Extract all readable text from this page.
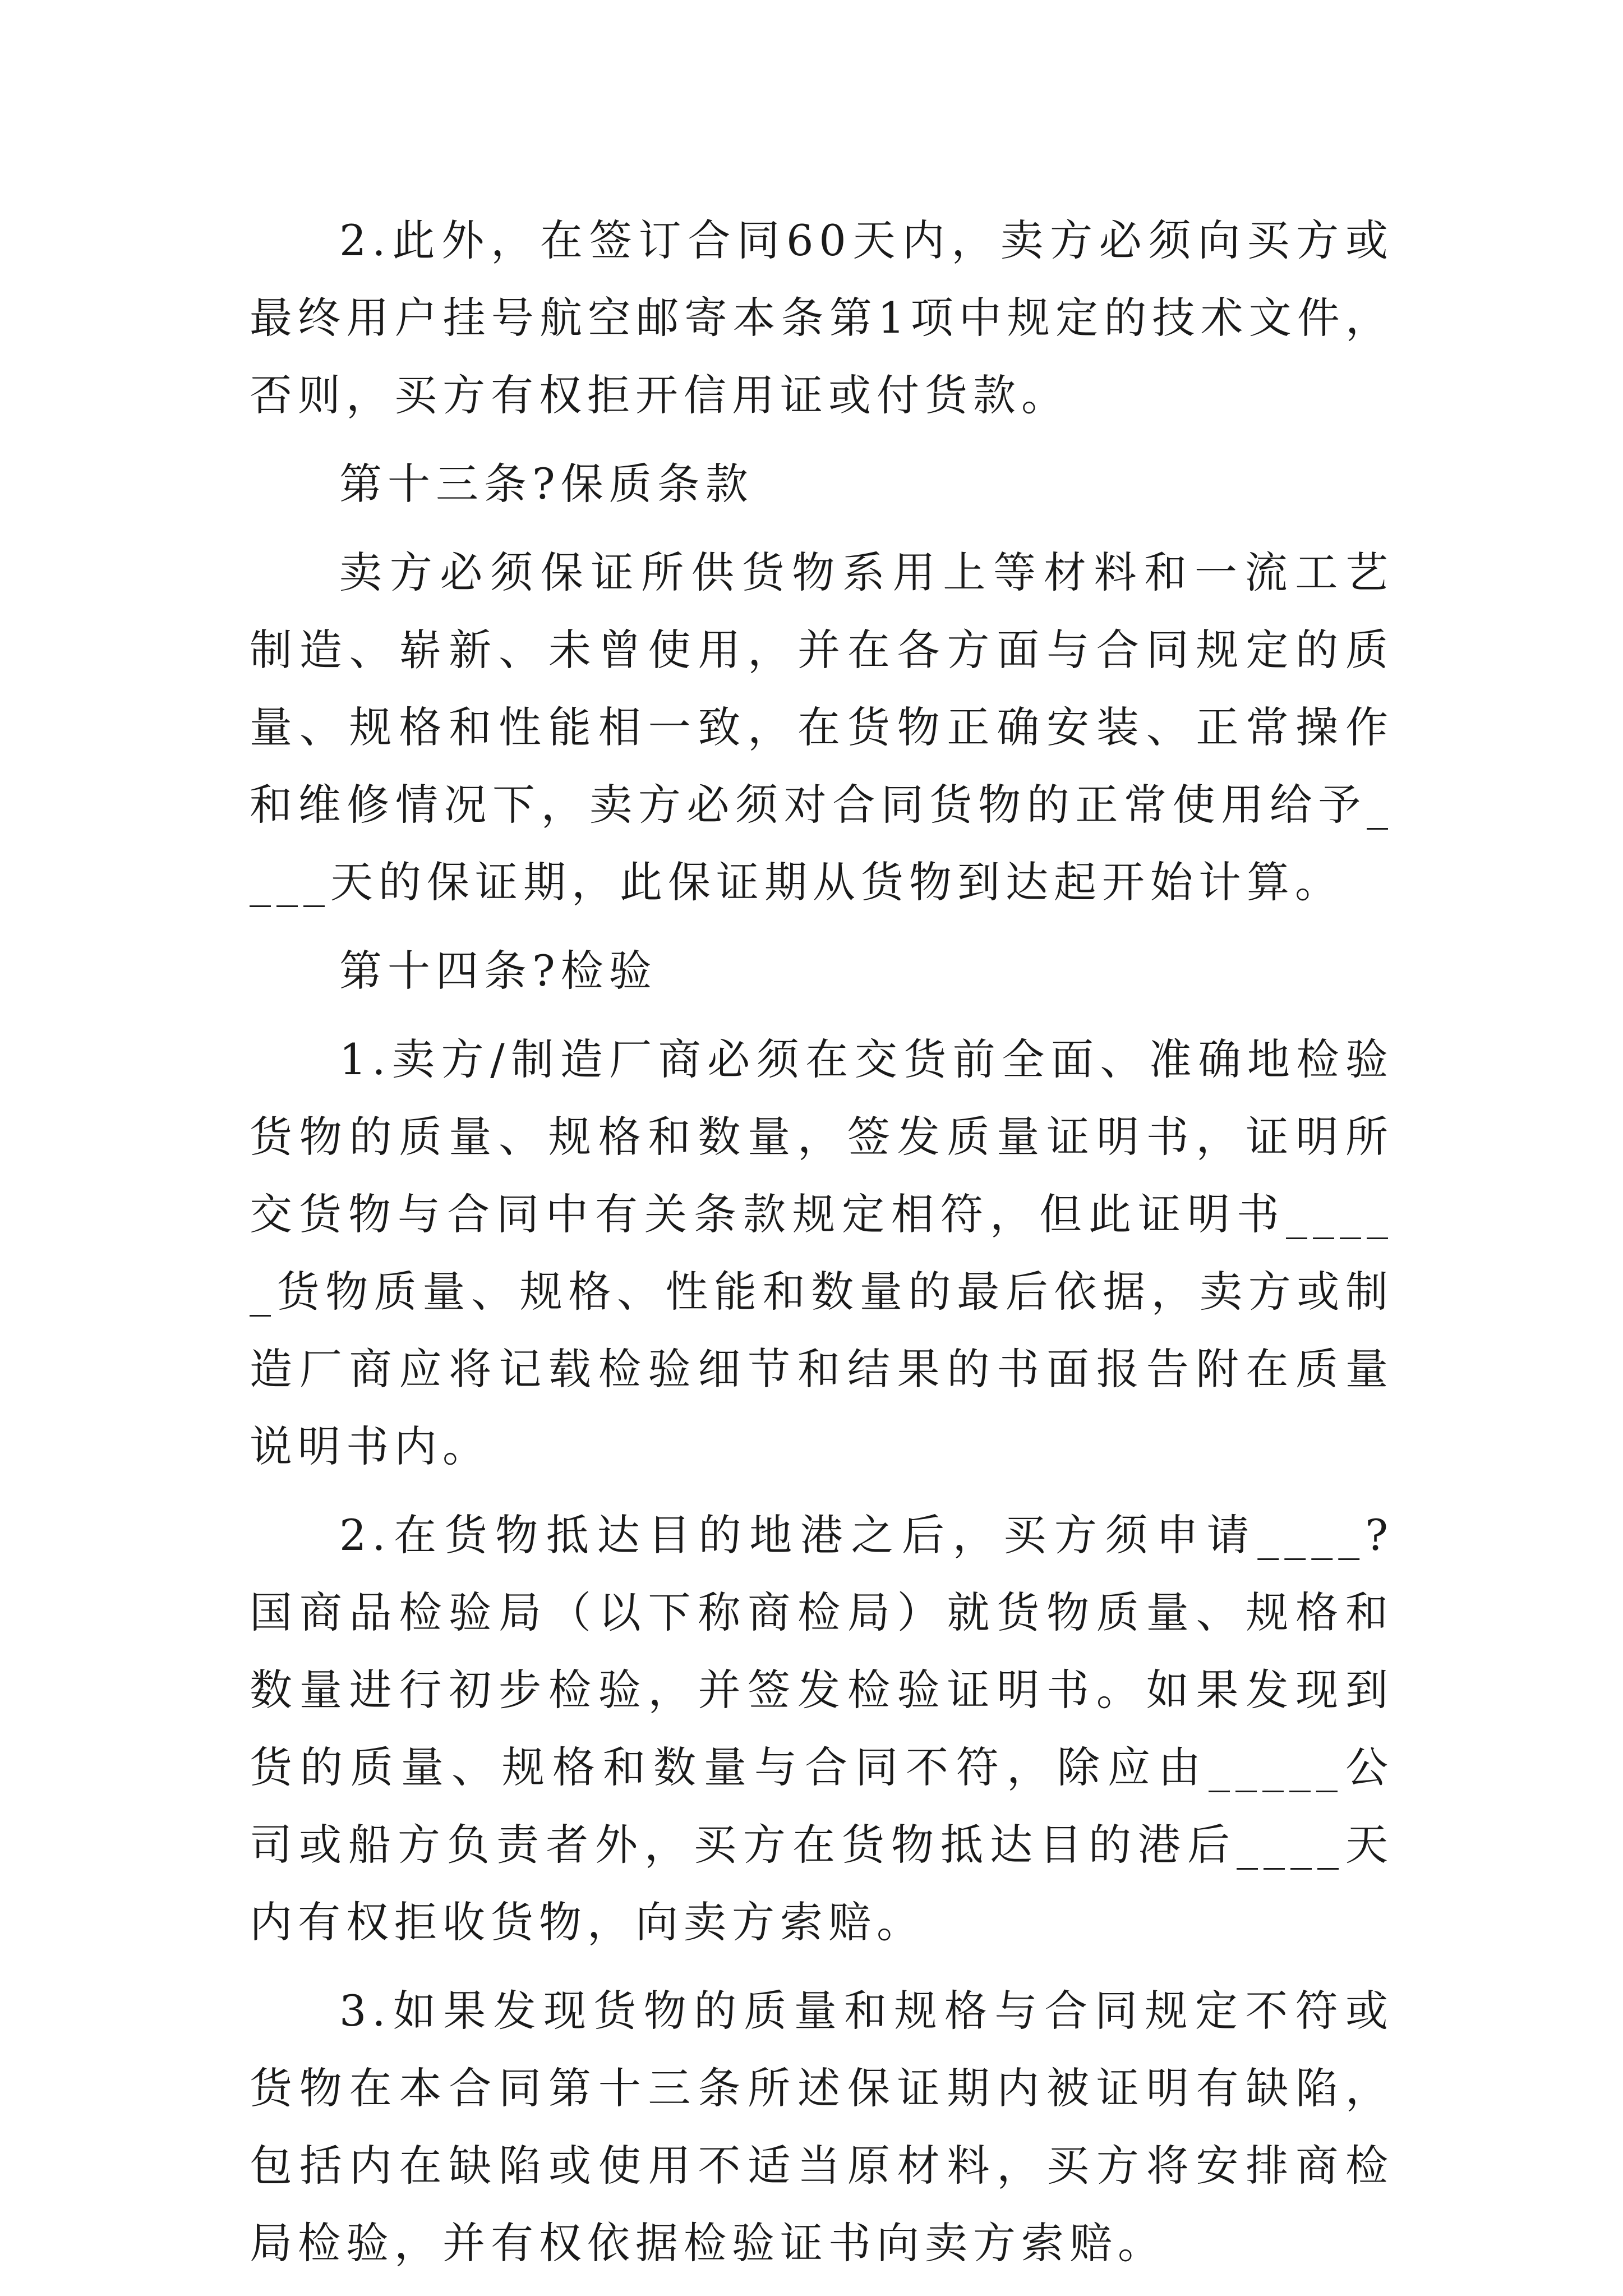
2.此外，在签订合同60天内，卖方必须向买方或最终用户挂号航空邮寄本条第1项中规定的技术文件，否则，买方有权拒开信用证或付货款。

第十三条?保质条款

卖方必须保证所供货物系用上等材料和一流工艺制造、崭新、未曾使用，并在各方面与合同规定的质量、规格和性能相一致，在货物正确安装、正常操作和维修情况下，卖方必须对合同货物的正常使用给予____天的保证期，此保证期从货物到达起开始计算。

第十四条?检验

1.卖方/制造厂商必须在交货前全面、准确地检验货物的质量、规格和数量，签发质量证明书，证明所交货物与合同中有关条款规定相符，但此证明书_____货物质量、规格、性能和数量的最后依据，卖方或制造厂商应将记载检验细节和结果的书面报告附在质量说明书内。

2.在货物抵达目的地港之后，买方须申请____?国商品检验局（以下称商检局）就货物质量、规格和数量进行初步检验，并签发检验证明书。如果发现到货的质量、规格和数量与合同不符，除应由_____公司或船方负责者外，买方在货物抵达目的港后____天内有权拒收货物，向卖方索赔。

3.如果发现货物的质量和规格与合同规定不符或货物在本合同第十三条所述保证期内被证明有缺陷，包括内在缺陷或使用不适当原材料，买方将安排商检局检验，并有权依据检验证书向卖方索赔。
